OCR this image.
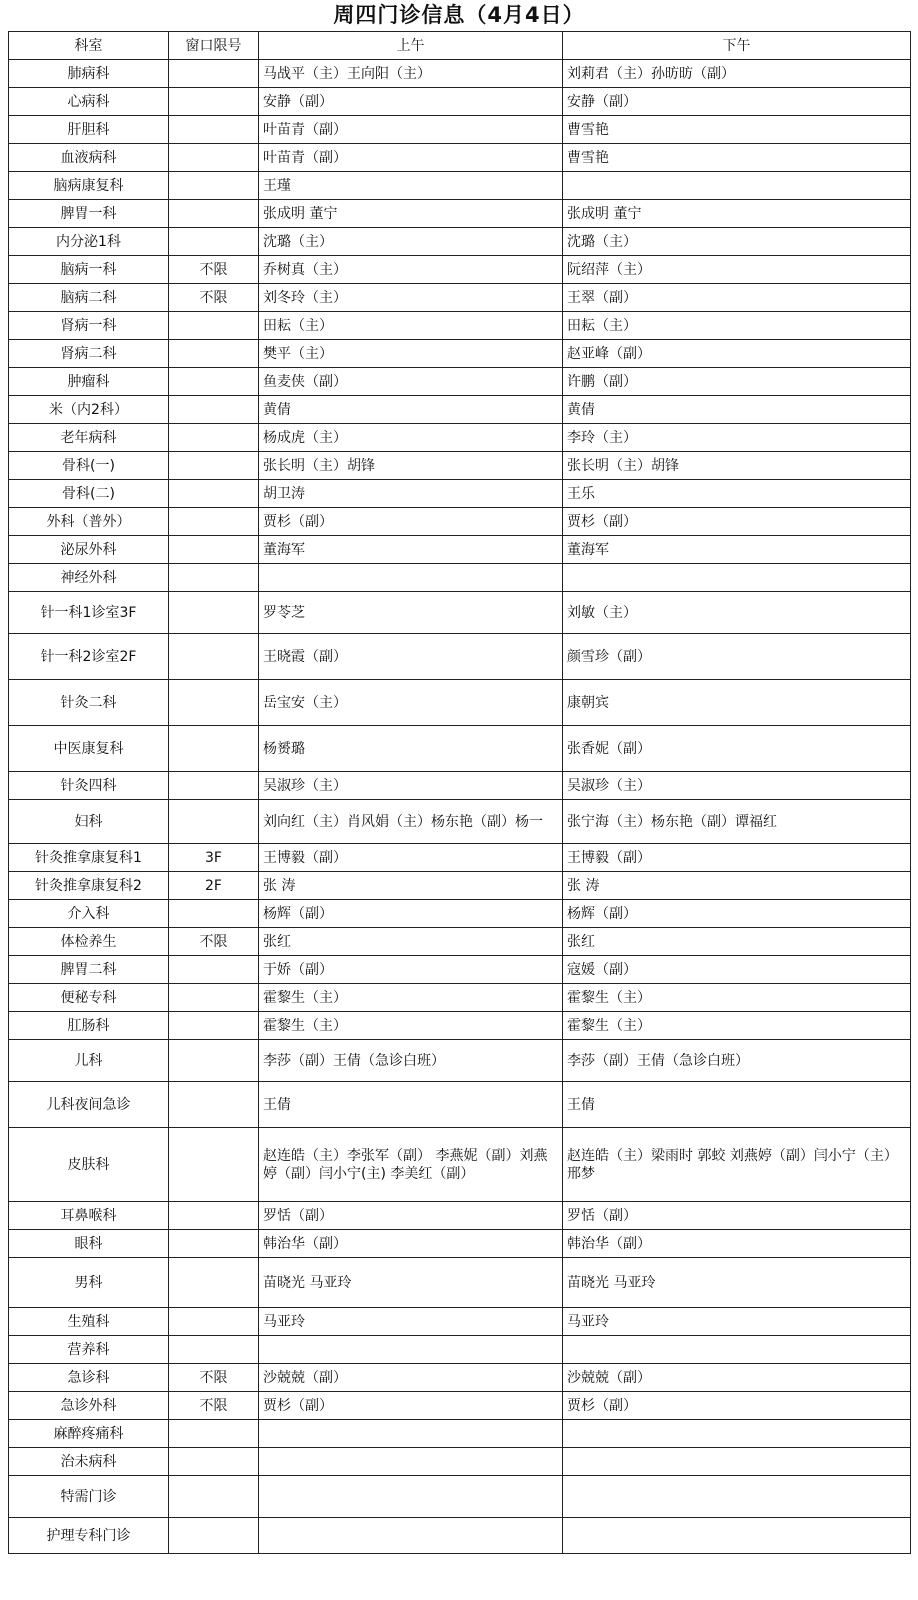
周四门诊信息（4月4日）
科室	窗口限号	上午	下午
肺病科		马战平（主）王向阳（主）	刘莉君（主）孙昉昉（副）
心病科		安静（副）	安静（副）
肝胆科		叶苗青（副）	曹雪艳
血液病科		叶苗青（副）	曹雪艳
脑病康复科		王瑾	
脾胃一科		张成明 董宁	张成明 董宁
内分泌1科		沈璐（主）	沈璐（主）
脑病一科	不限	乔树真（主）	阮绍萍（主）
脑病二科	不限	刘冬玲（主）	王翠（副）
肾病一科		田耘（主）	田耘（主）
肾病二科		樊平（主）	赵亚峰（副）
肿瘤科		鱼麦侠（副）	许鹏（副）
米（内2科）		黄倩	黄倩
老年病科		杨成虎（主）	李玲（主）
骨科(一)		张长明（主）胡锋	张长明（主）胡锋
骨科(二)		胡卫涛	王乐
外科（普外）		贾杉（副）	贾杉（副）
泌尿外科		董海军	董海军
神经外科			
针一科1诊室3F		罗苓芝	刘敏（主）
针一科2诊室2F		王晓霞（副）	颜雪珍（副）
针灸二科		岳宝安（主）	康朝宾
中医康复科		杨赟璐	张香妮（副）
针灸四科		吴淑珍（主）	吴淑珍（主）
妇科		刘向红（主）肖风娟（主）杨东艳（副）杨一	张宁海（主）杨东艳（副）谭福红
针灸推拿康复科1	3F	王博毅（副）	王博毅（副）
针灸推拿康复科2	2F	张 涛	张 涛
介入科		杨辉（副）	杨辉（副）
体检养生	不限	张红	张红
脾胃二科		于娇（副）	寇媛（副）
便秘专科		霍黎生（主）	霍黎生（主）
肛肠科		霍黎生（主）	霍黎生（主）
儿科		李莎（副）王倩（急诊白班）	李莎（副）王倩（急诊白班）
儿科夜间急诊		王倩	王倩
皮肤科		赵连皓（主）李张军（副） 李燕妮（副）刘燕婷（副）闫小宁(主) 李美红（副）	赵连皓（主）梁雨时 郭蛟 刘燕婷（副）闫小宁（主）邢梦
耳鼻喉科		罗恬（副）	罗恬（副）
眼科		韩治华（副）	韩治华（副）
男科		苗晓光 马亚玲	苗晓光 马亚玲
生殖科		马亚玲	马亚玲
营养科			
急诊科	不限	沙兢兢（副）	沙兢兢（副）
急诊外科	不限	贾杉（副）	贾杉（副）
麻醉疼痛科			
治未病科			
特需门诊			
护理专科门诊			
